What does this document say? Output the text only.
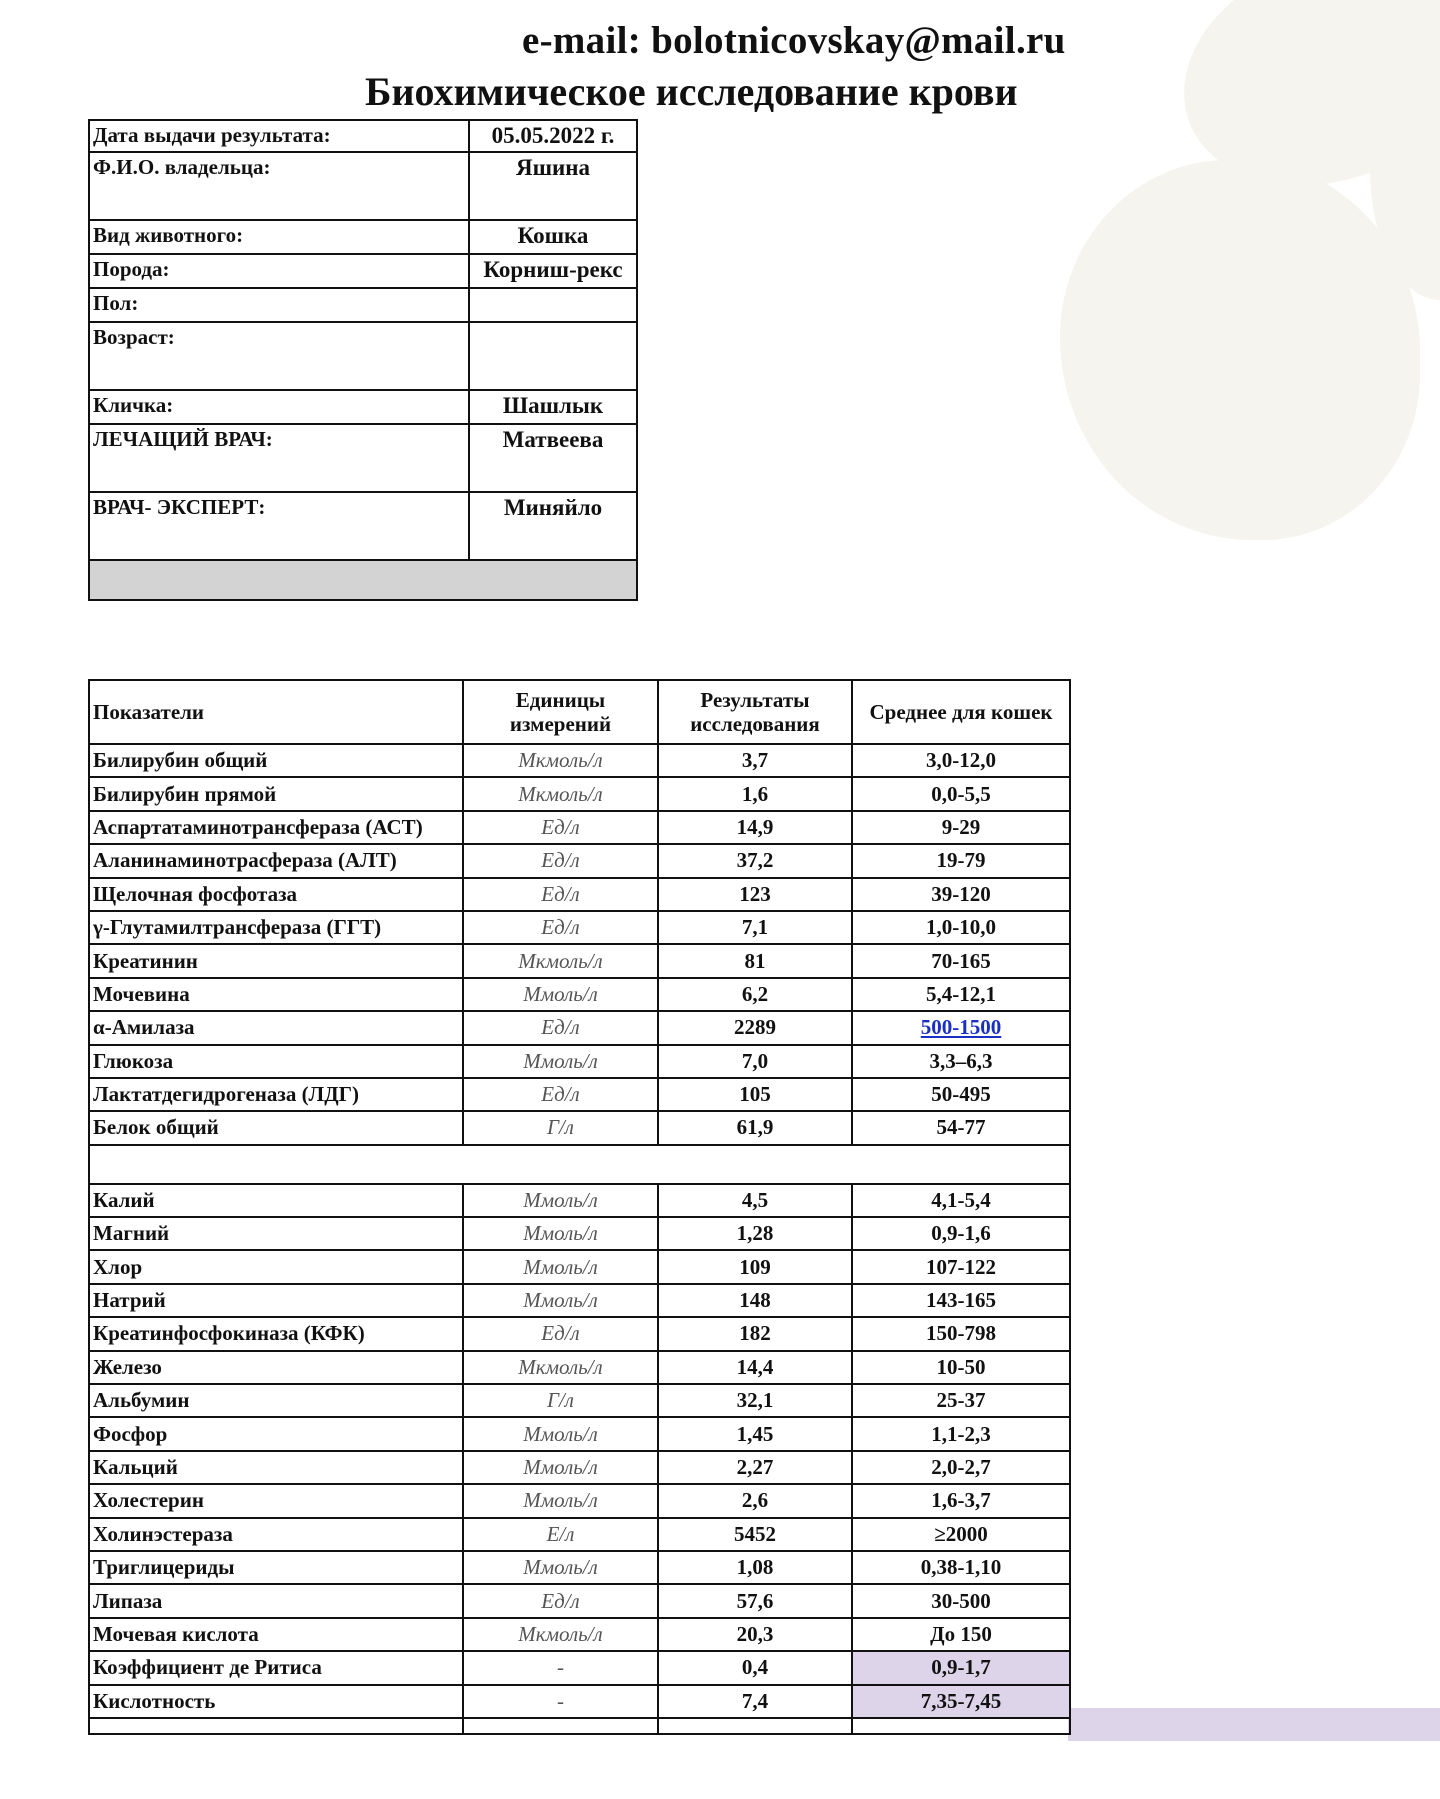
e-mail: bolotnicovskay@mail.ru
Биохимическое исследование крови
Дата выдачи результата:	05.05.2022 г.
Ф.И.О. владельца:	Яшина
Вид животного:	Кошка
Порода:	Корниш-рекс
Пол:	
Возраст:	
Кличка:	Шашлык
ЛЕЧАЩИЙ ВРАЧ:	Матвеева
ВРАЧ- ЭКСПЕРТ:	Миняйло

Показатели	Единицы измерений	Результаты исследования	Среднее для кошек
Билирубин общий	Мкмоль/л	3,7	3,0-12,0
Билирубин прямой	Мкмоль/л	1,6	0,0-5,5
Аспартатаминотрансфераза (АСТ)	Ед/л	14,9	9-29
Аланинаминотрасфераза (АЛТ)	Ед/л	37,2	19-79
Щелочная фосфотаза	Ед/л	123	39-120
γ-Глутамилтрансфераза (ГГТ)	Ед/л	7,1	1,0-10,0
Креатинин	Мкмоль/л	81	70-165
Мочевина	Ммоль/л	6,2	5,4-12,1
α-Амилаза	Ед/л	2289	500-1500
Глюкоза	Ммоль/л	7,0	3,3–6,3
Лактатдегидрогеназа (ЛДГ)	Ед/л	105	50-495
Белок общий	Г/л	61,9	54-77

Калий	Ммоль/л	4,5	4,1-5,4
Магний	Ммоль/л	1,28	0,9-1,6
Хлор	Ммоль/л	109	107-122
Натрий	Ммоль/л	148	143-165
Креатинфосфокиназа (КФК)	Ед/л	182	150-798
Железо	Мкмоль/л	14,4	10-50
Альбумин	Г/л	32,1	25-37
Фосфор	Ммоль/л	1,45	1,1-2,3
Кальций	Ммоль/л	2,27	2,0-2,7
Холестерин	Ммоль/л	2,6	1,6-3,7
Холинэстераза	Е/л	5452	≥2000
Триглицериды	Ммоль/л	1,08	0,38-1,10
Липаза	Ед/л	57,6	30-500
Мочевая кислота	Мкмоль/л	20,3	До 150
Коэффициент де Ритиса	-	0,4	0,9-1,7
Кислотность	-	7,4	7,35-7,45
